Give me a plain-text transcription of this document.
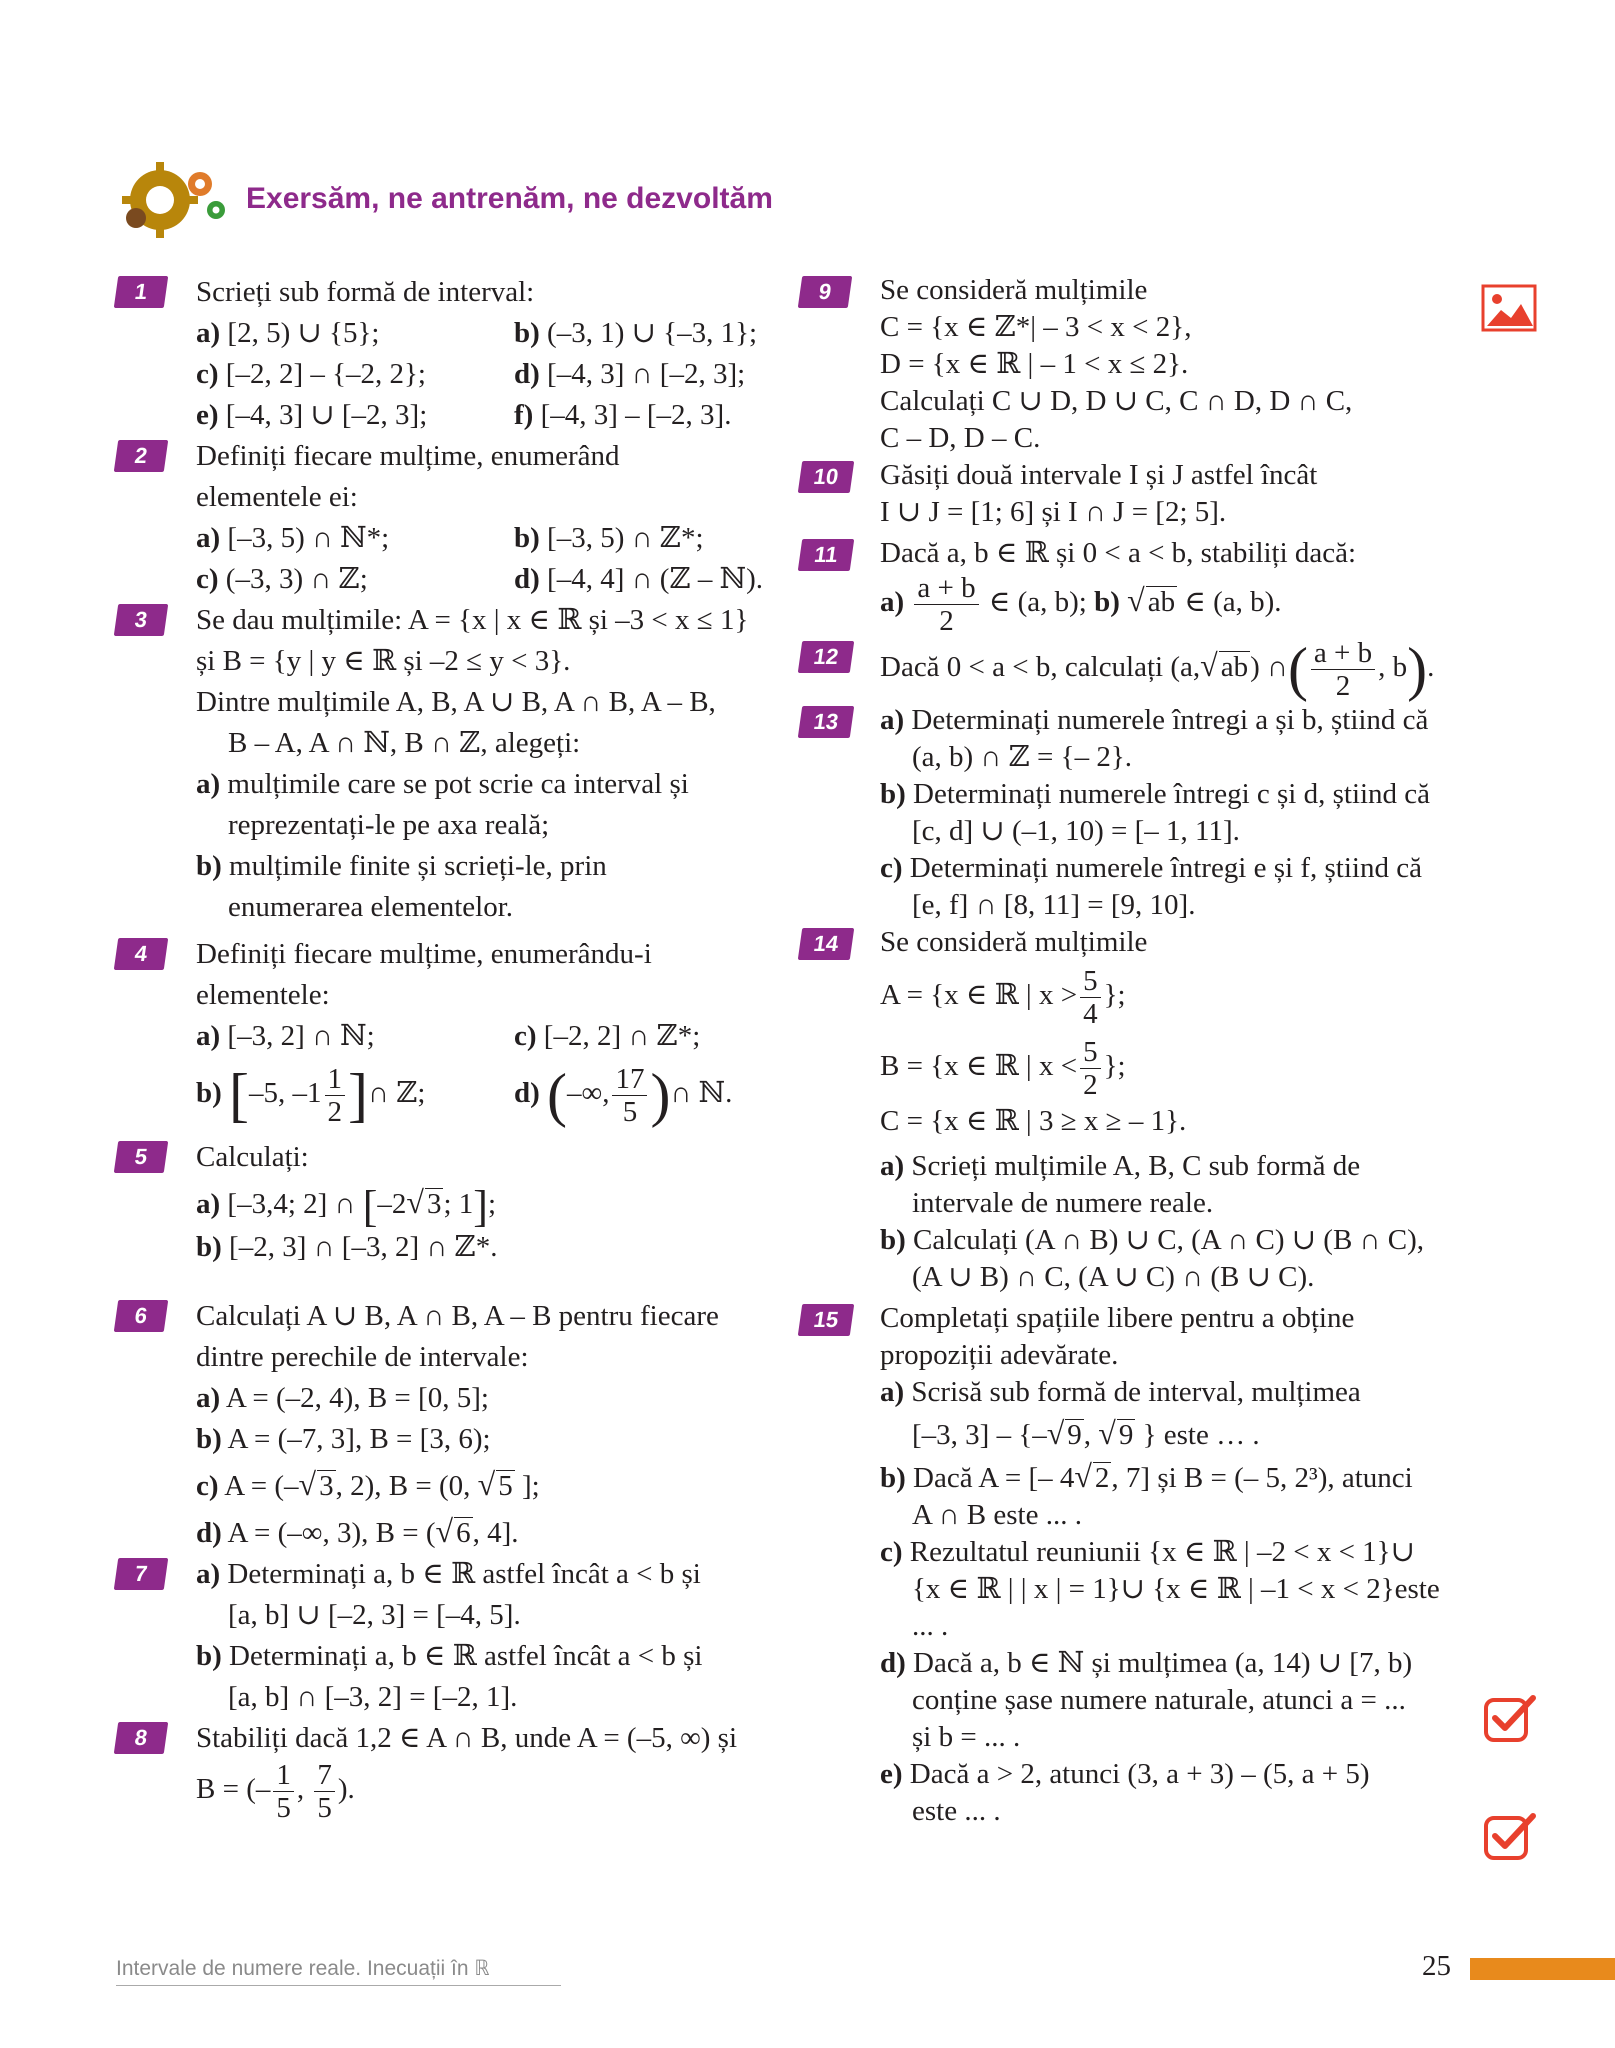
Exersăm, ne antrenăm, ne dezvoltăm
1	Scrieți sub formă de interval:
a) [2, 5) ∪ {5};	b) (–3, 1) ∪ {–3, 1};
c) [–2, 2] – {–2, 2};	d) [–4, 3] ∩ [–2, 3];
e) [–4, 3] ∪ [–2, 3];	f) [–4, 3] – [–2, 3].
2	Definiți fiecare mulțime, enumerând
elementele ei:
a) [–3, 5) ∩ ℕ*;	b) [–3, 5) ∩ ℤ*;
c) (–3, 3) ∩ ℤ;	d) [–4, 4] ∩ (ℤ – ℕ).
3	Se dau mulțimile: A = {x | x ∈ ℝ și –3 < x ≤ 1}
și B = {y | y ∈ ℝ și –2 ≤ y < 3}.
Dintre mulțimile A, B, A ∪ B, A ∩ B, A – B,
B – A, A ∩ ℕ, B ∩ ℤ, alegeți:
a) mulțimile care se pot scrie ca interval și
reprezentați-le pe axa reală;
b) mulțimile finite și scrieți-le, prin
enumerarea elementelor.
4	Definiți fiecare mulțime, enumerându-i
elementele:
a) [–3, 2] ∩ ℕ;	c) [–2, 2] ∩ ℤ*;
b) [–5, $-1 \frac{1}{2}$ ]∩ ℤ;	d) (–∞, $\frac{17}{5}$ )∩ ℕ.
5	Calculați:
a) [–3,4; 2] ∩ [–2√ 3; 1];
b) [–2, 3] ∩ [–3, 2] ∩ ℤ*.
6	Calculați A ∪ B, A ∩ B, A – B pentru fiecare
dintre perechile de intervale:
a) A = (–2, 4), B = [0, 5];
b) A = (–7, 3], B = [3, 6);
c) A = (–√ 3, 2), B = (0, √ 5 ];
d) A = (–∞, 3), B = (√ 6, 4].
7	a) Determinați a, b ∈ ℝ astfel încât a < b și
[a, b] ∪ [–2, 3] = [–4, 5].
b) Determinați a, b ∈ ℝ astfel încât a < b și
[a, b] ∩ [–3, 2] = [–2, 1].
8	Stabiliți dacă 1,2 ∈ A ∩ B, unde A = (–5, ∞) și
B = (– $\frac{1}{5}$ , $\frac{7}{5}$ ).
9	Se consideră mulțimile
C = {x ∈ ℤ*| – 3 < x < 2},
D = {x ∈ ℝ | – 1 < x ≤ 2}.
Calculați C ∪ D, D ∪ C, C ∩ D, D ∩ C,
C – D, D – C.
10	Găsiți două intervale I și J astfel încât
I ∪ J = [1; 6] și I ∩ J = [2; 5].
11	Dacă a, b ∈ ℝ și 0 < a < b, stabiliți dacă:
$a) \frac{a + b}{2}$ ∈ (a, b); b) √ ab ∈ (a, b).
12	Dacă 0 < a < b, calculați (a,√ ab) ∩( $\frac{a + b}{2}$ , b).
13	a) Determinați numerele întregi a și b, știind că
(a, b) ∩ ℤ = {– 2}.
b) Determinați numerele întregi c și d, știind că
[c, d] ∪ (–1, 10) = [– 1, 11].
c) Determinați numerele întregi e și f, știind că
[e, f] ∩ [8, 11] = [9, 10].
14	Se consideră mulțimile
A = {x ∈ ℝ | $x > \frac{5}{4}$ };
B = {x ∈ ℝ | $x < \frac{5}{2}$ };
C = {x ∈ ℝ | 3 ≥ x ≥ – 1}.
a) Scrieți mulțimile A, B, C sub formă de
intervale de numere reale.
b) Calculați (A ∩ B) ∪ C, (A ∩ C) ∪ (B ∩ C),
(A ∪ B) ∩ C, (A ∪ C) ∩ (B ∪ C).
15	Completați spațiile libere pentru a obține
propoziții adevărate.
a) Scrisă sub formă de interval, mulțimea
[–3, 3] – {–√ 9, √ 9 } este … .
b) Dacă A = [– 4√ 2, 7] și B = (– 5, 2³), atunci
A ∩ B este ... .
c) Rezultatul reuniunii {x ∈ ℝ | –2 < x < 1}∪
{x ∈ ℝ | | x | = 1}∪ {x ∈ ℝ | –1 < x < 2}este
... .
d) Dacă a, b ∈ ℕ și mulțimea (a, 14) ∪ [7, b)
conține șase numere naturale, atunci a = ...
și b = ... .
e) Dacă a > 2, atunci (3, a + 3) – (5, a + 5)
este ... .
Intervale de numere reale. Inecuații în ℝ	25
